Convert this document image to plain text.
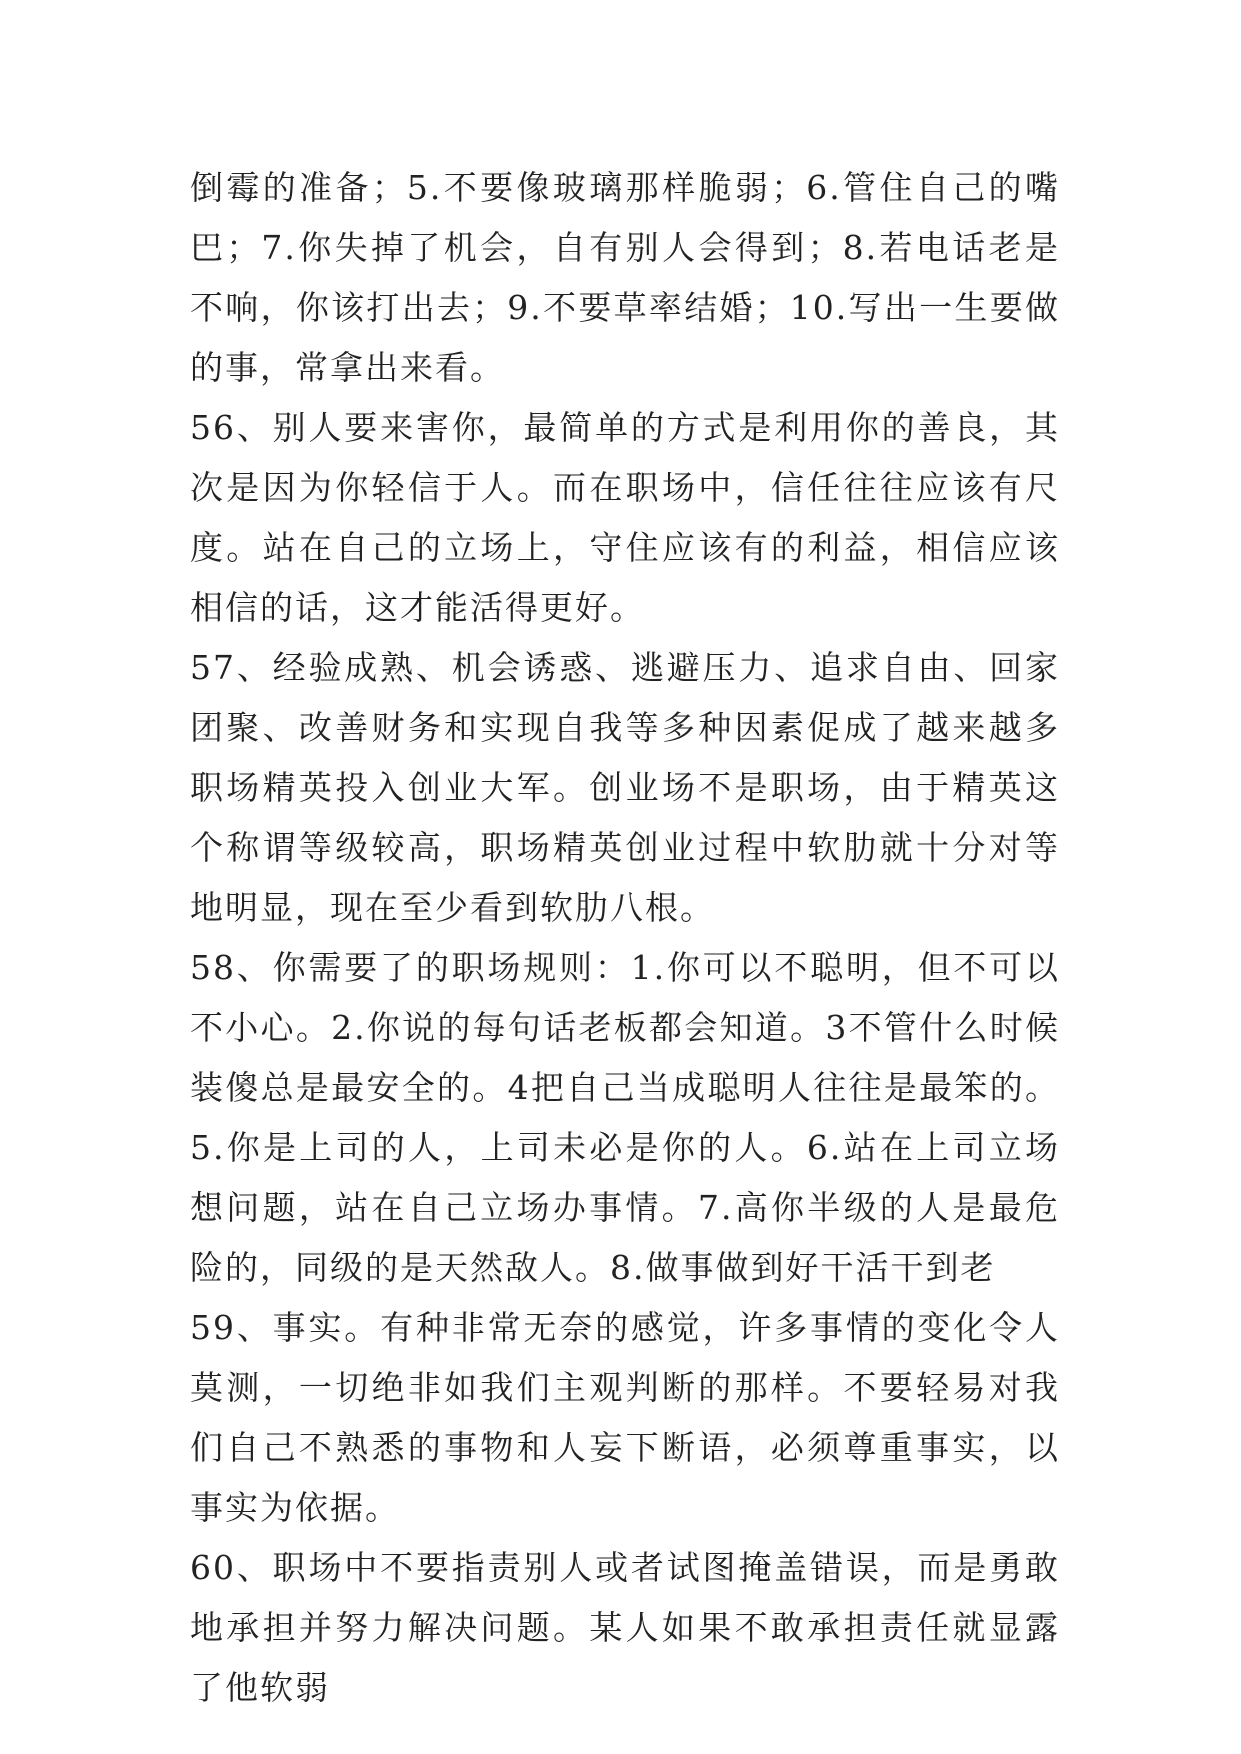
倒霉的准备；5.不要像玻璃那样脆弱；6.管住自己的嘴巴；7.你失掉了机会，自有别人会得到；8.若电话老是不响，你该打出去；9.不要草率结婚；10.写出一生要做的事，常拿出来看。

56、别人要来害你，最简单的方式是利用你的善良，其次是因为你轻信于人。而在职场中，信任往往应该有尺度。站在自己的立场上，守住应该有的利益，相信应该相信的话，这才能活得更好。

57、经验成熟、机会诱惑、逃避压力、追求自由、回家团聚、改善财务和实现自我等多种因素促成了越来越多职场精英投入创业大军。创业场不是职场，由于精英这个称谓等级较高，职场精英创业过程中软肋就十分对等地明显，现在至少看到软肋八根。

58、你需要了的职场规则：1.你可以不聪明，但不可以不小心。2.你说的每句话老板都会知道。3不管什么时候装傻总是最安全的。4把自己当成聪明人往往是最笨的。5.你是上司的人，上司未必是你的人。6.站在上司立场想问题，站在自己立场办事情。7.高你半级的人是最危险的，同级的是天然敌人。8.做事做到好干活干到老

59、事实。有种非常无奈的感觉，许多事情的变化令人莫测，一切绝非如我们主观判断的那样。不要轻易对我们自己不熟悉的事物和人妄下断语，必须尊重事实，以事实为依据。

60、职场中不要指责别人或者试图掩盖错误，而是勇敢地承担并努力解决问题。某人如果不敢承担责任就显露了他软弱
